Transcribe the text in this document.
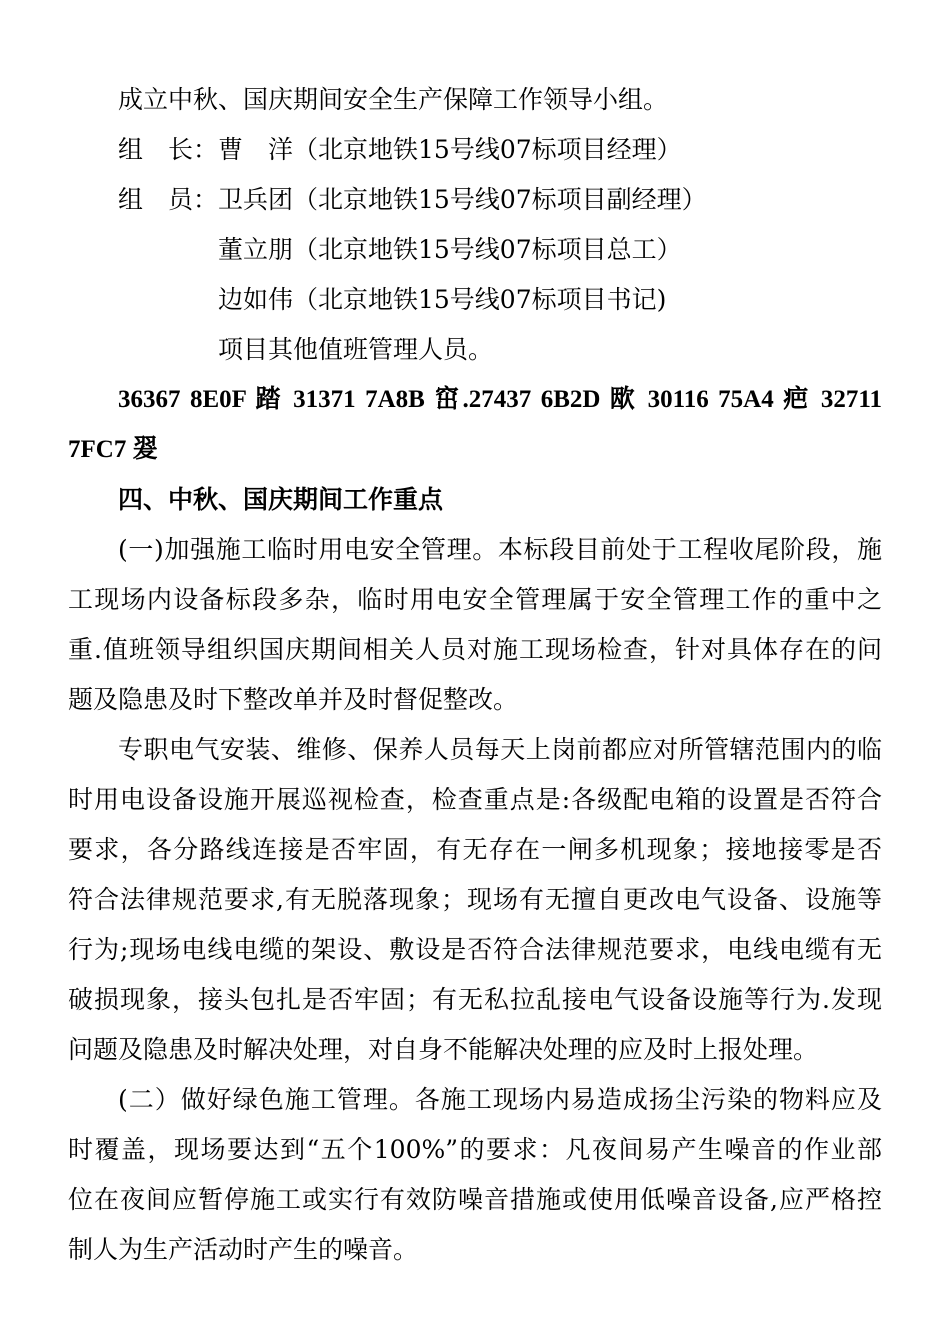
成立中秋、国庆期间安全生产保障工作领导小组。
组　长：曹　洋（北京地铁15号线07标项目经理）
组　员：卫兵团（北京地铁15号线07标项目副经理）
董立朋（北京地铁15号线07标项目总工）
边如伟（北京地铁15号线07标项目书记)
项目其他值班管理人员。
36367 8E0F 踏 31371 7A8B 窋.27437 6B2D 欭 30116 75A4 疤 32711
7FC7 翇
四、中秋、国庆期间工作重点
(一)加强施工临时用电安全管理。本标段目前处于工程收尾阶段，施
工现场内设备标段多杂，临时用电安全管理属于安全管理工作的重中之
重.值班领导组织国庆期间相关人员对施工现场检查，针对具体存在的问
题及隐患及时下整改单并及时督促整改。
专职电气安装、维修、保养人员每天上岗前都应对所管辖范围内的临
时用电设备设施开展巡视检查，检查重点是:各级配电箱的设置是否符合
要求，各分路线连接是否牢固，有无存在一闸多机现象；接地接零是否
符合法律规范要求,有无脱落现象；现场有无擅自更改电气设备、设施等
行为;现场电线电缆的架设、敷设是否符合法律规范要求，电线电缆有无
破损现象，接头包扎是否牢固；有无私拉乱接电气设备设施等行为.发现
问题及隐患及时解决处理，对自身不能解决处理的应及时上报处理。
(二）做好绿色施工管理。各施工现场内易造成扬尘污染的物料应及
时覆盖，现场要达到“五个100%”的要求：凡夜间易产生噪音的作业部
位在夜间应暂停施工或实行有效防噪音措施或使用低噪音设备,应严格控
制人为生产活动时产生的噪音。
